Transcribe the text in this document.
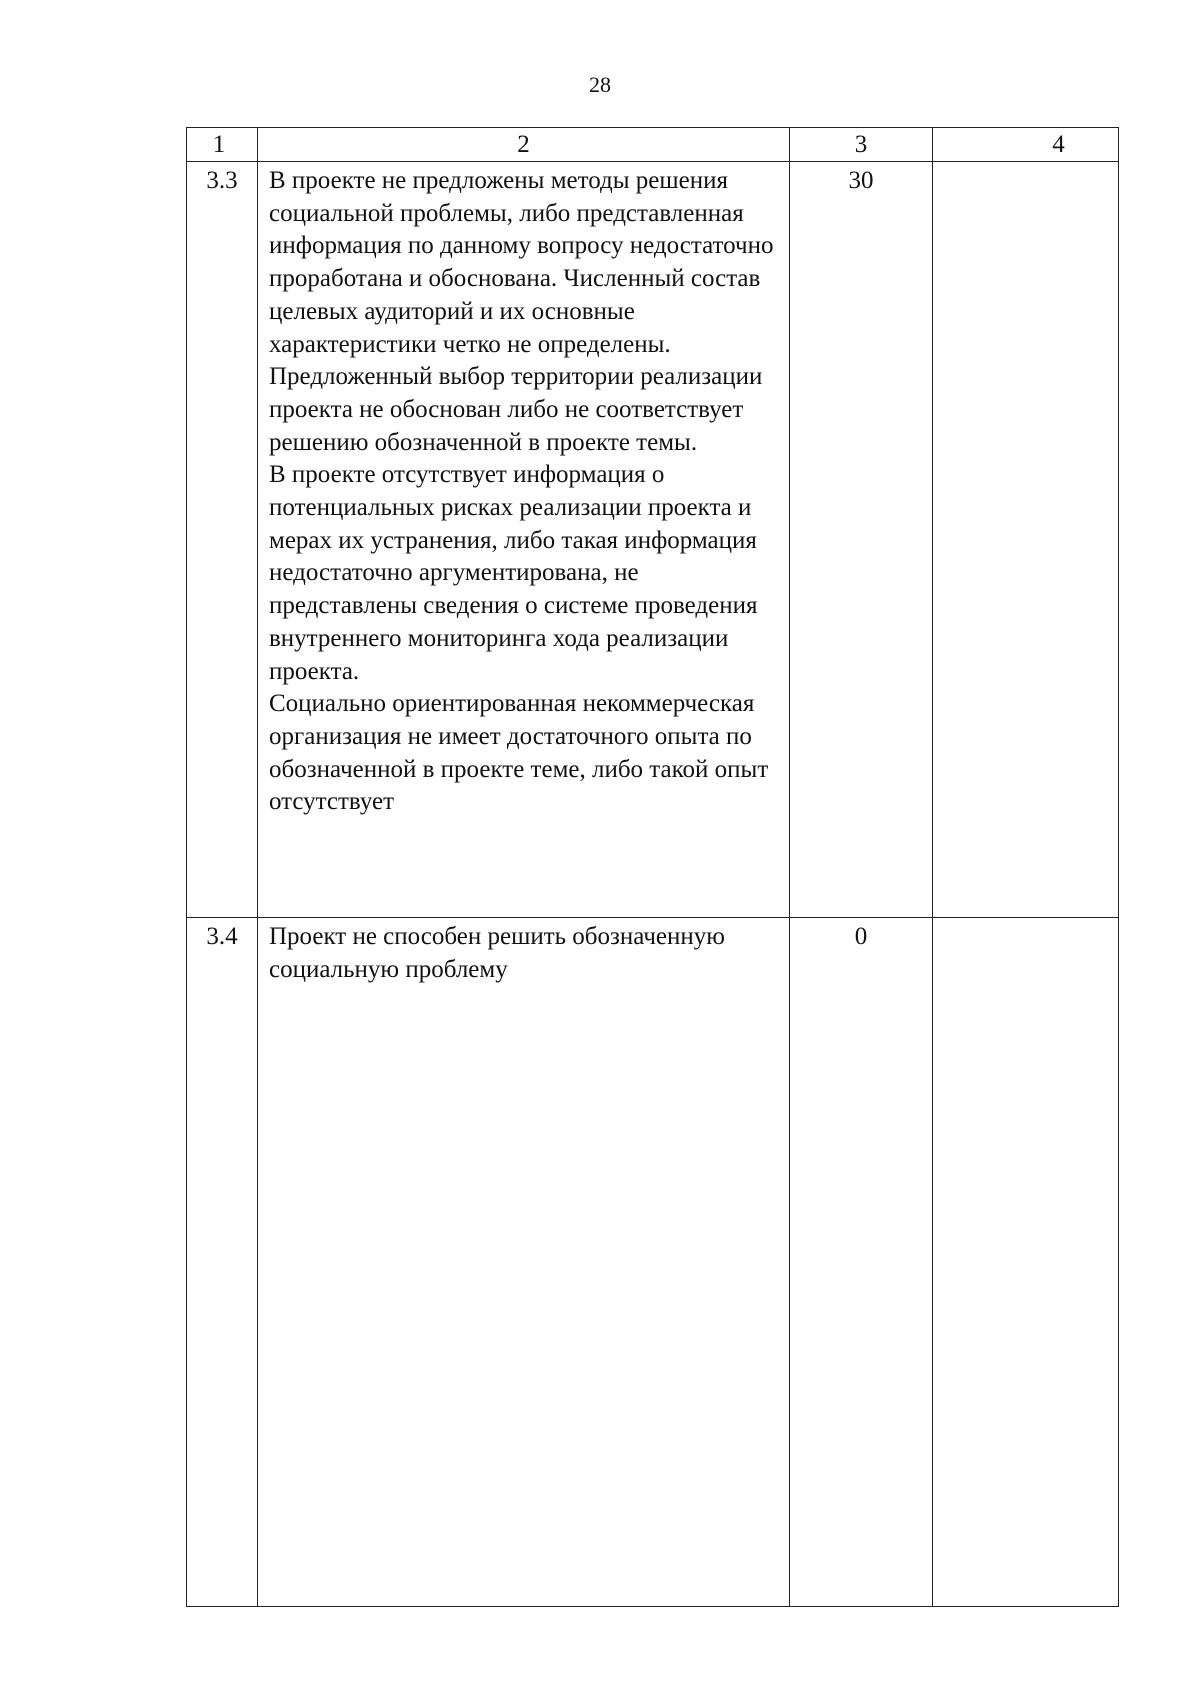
28
1	2	3	4
3.3	В проекте не предложены методы решения социальной проблемы, либо представленная информация по данному вопросу недостаточно проработана и обоснована. Численный состав целевых аудиторий и их основные характеристики четко не определены. Предложенный выбор территории реализации проекта не обоснован либо не соответствует решению обозначенной в проекте темы.
В проекте отсутствует информация о потенциальных рисках реализации проекта и мерах их устранения, либо такая информация недостаточно аргументирована, не представлены сведения о системе проведения внутреннего мониторинга хода реализации проекта.
Социально ориентированная некоммерческая организация не имеет достаточного опыта по обозначенной в проекте теме, либо такой опыт отсутствует	30	
3.4	Проект не способен решить обозначенную социальную проблему	0	
